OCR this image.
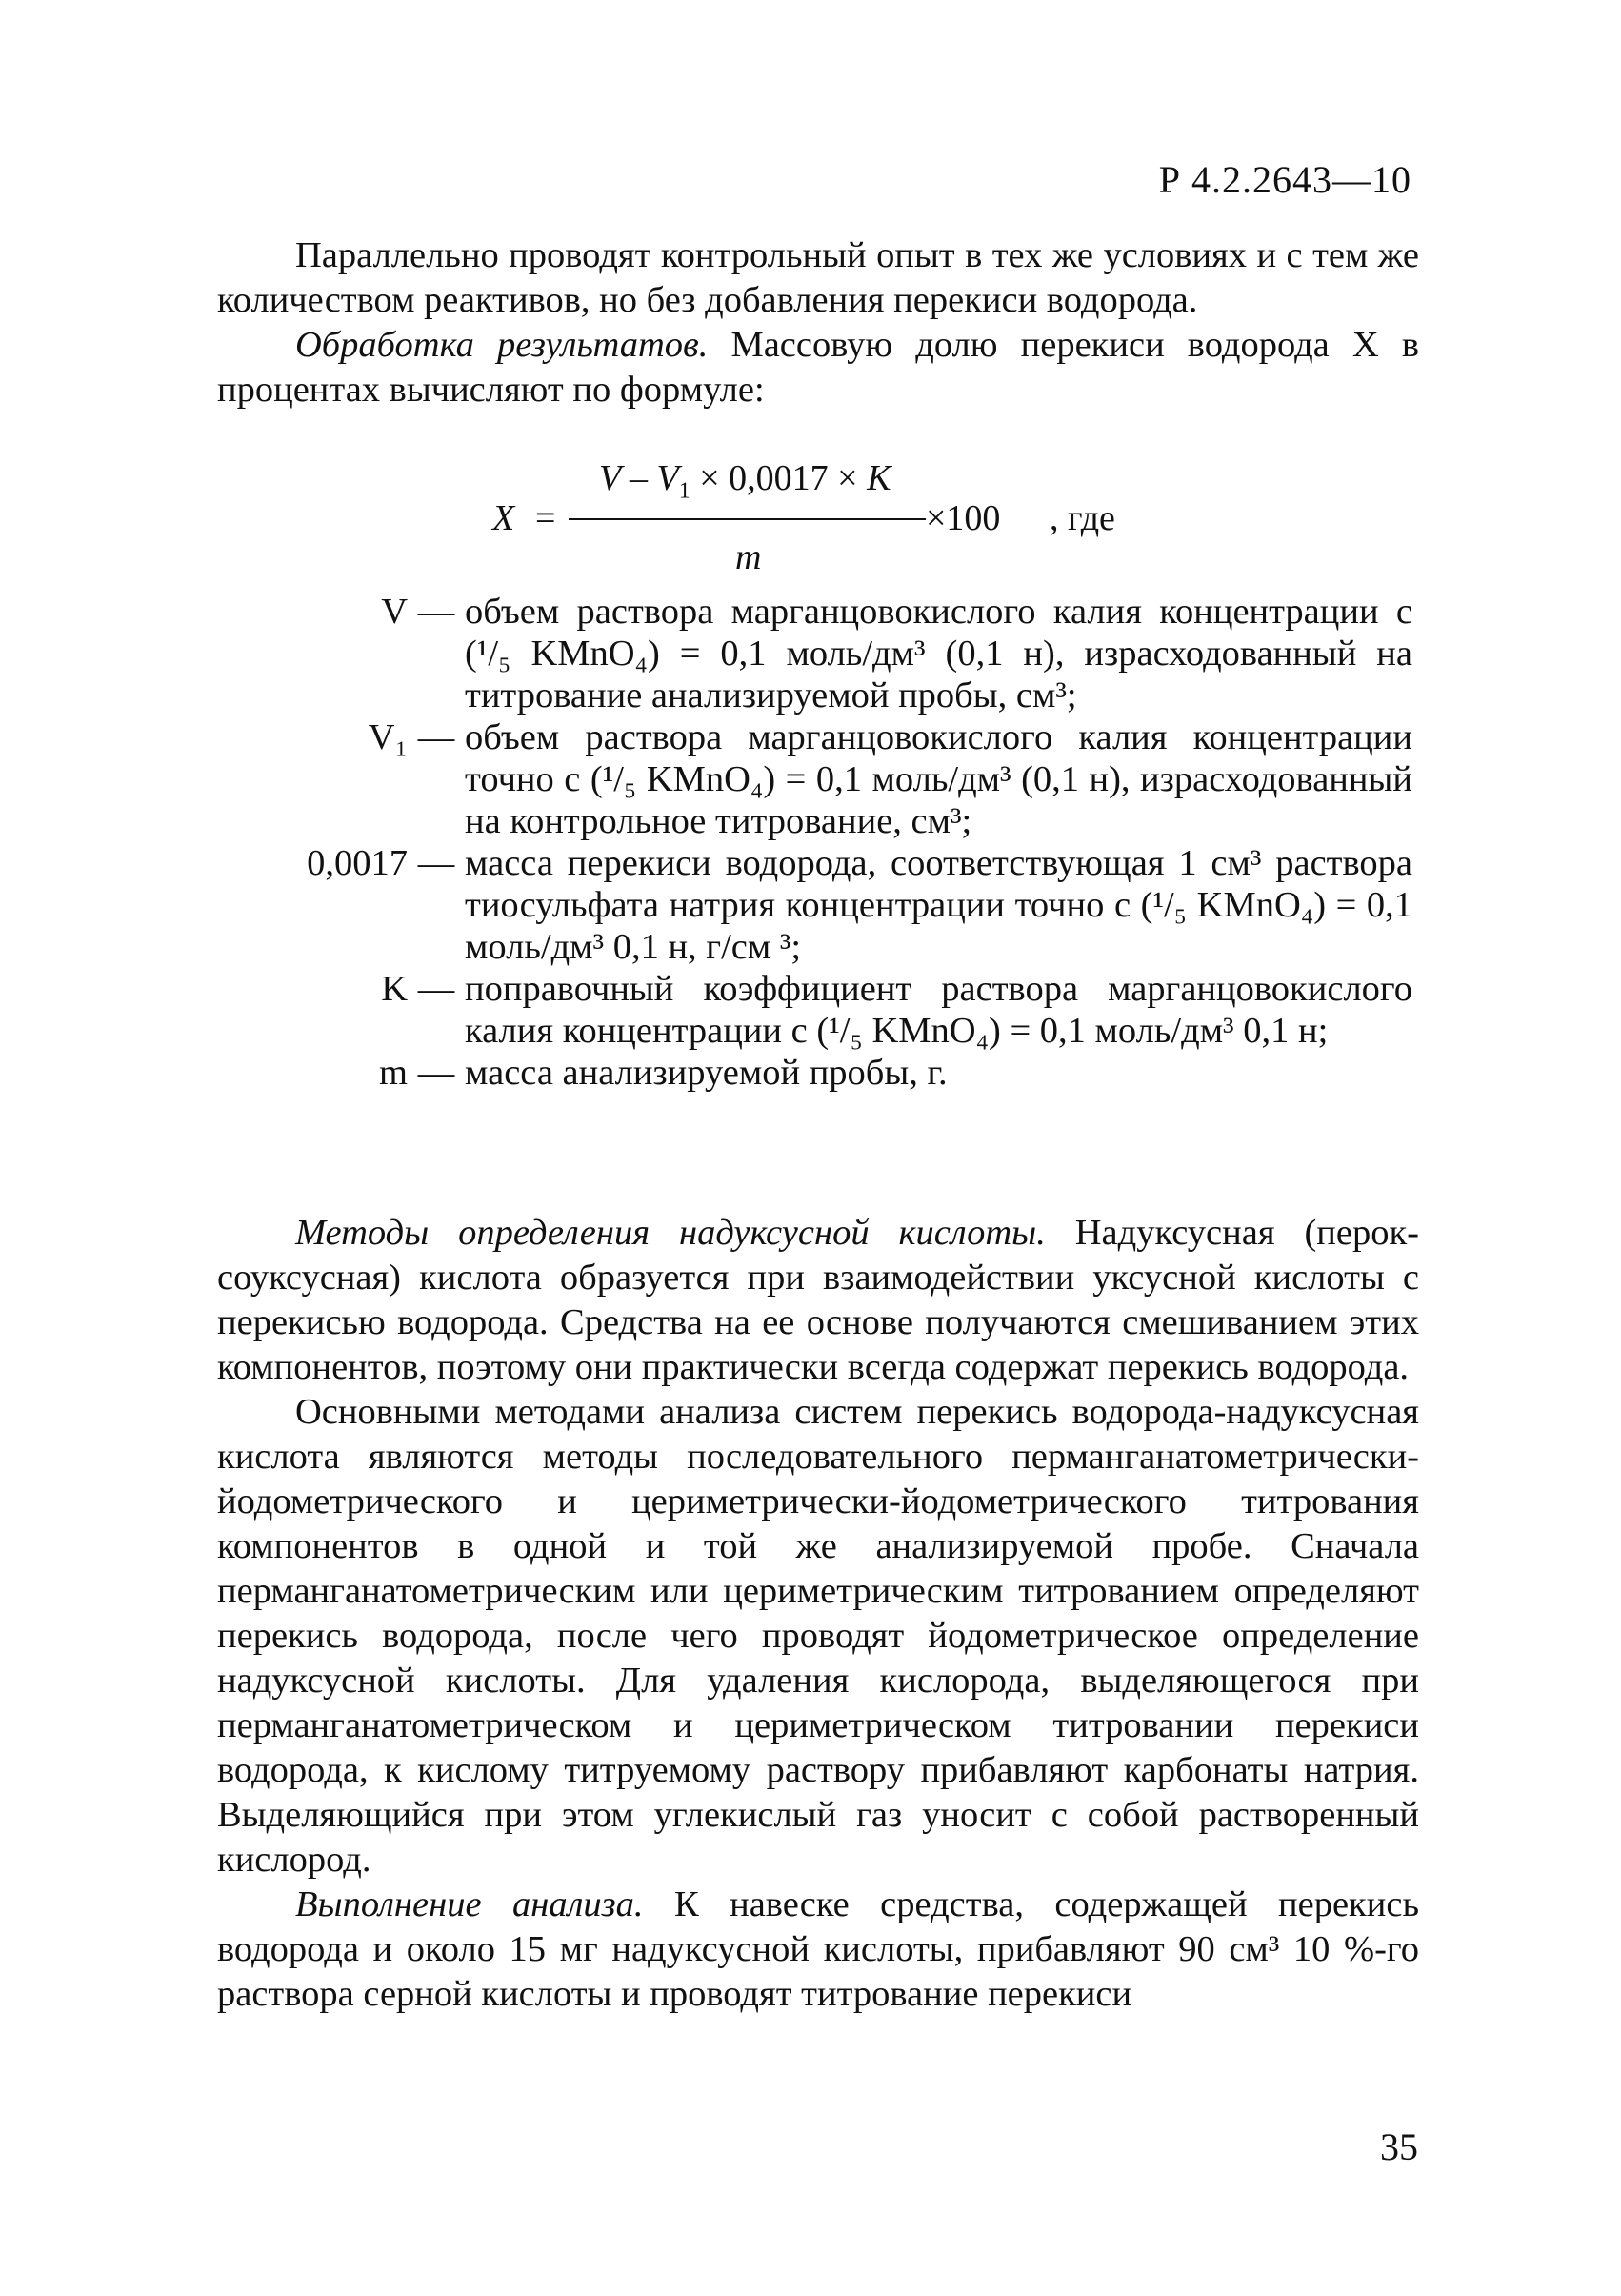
Р 4.2.2643—10
Параллельно проводят контрольный опыт в тех же условиях и с тем же количеством реактивов, но без добавления перекиси водорода.
Обработка результатов. Массовую долю перекиси водорода X в процентах вычисляют по формуле:
X =
$V - V_1 \times 0,0017 \times K$
×100
m
, где
V — объем раствора марганцовокислого калия концентрации с (¹/₅ KMnO₄) = 0,1 моль/дм³ (0,1 н), израсходованный на титрование анализируемой пробы, см³;
V₁ — объем раствора марганцовокислого калия концентрации точно с (¹/₅ KMnO₄) = 0,1 моль/дм³ (0,1 н), израсходованный на контрольное титрование, см³;
0,0017 — масса перекиси водорода, соответствующая 1 см³ раствора тиосульфата натрия концентрации точно с (¹/₅ KMnO₄) = 0,1 моль/дм³ 0,1 н, г/см ³;
K — поправочный коэффициент раствора марганцовокислого калия концентрации с (¹/₅ KMnO₄) = 0,1 моль/дм³ 0,1 н;
m — масса анализируемой пробы, г.
Методы определения надуксусной кислоты. Надуксусная (перок-соуксусная) кислота образуется при взаимодействии уксусной кислоты с перекисью водорода. Средства на ее основе получаются смешиванием этих компонентов, поэтому они практически всегда содержат перекись водорода.
Основными методами анализа систем перекись водорода-надуксусная кислота являются методы последовательного перманганатометрически-йодометрического и цериметрически-йодометрического титрования компонентов в одной и той же анализируемой пробе. Сначала перманганатометрическим или цериметрическим титрованием определяют перекись водорода, после чего проводят йодометрическое определение надуксусной кислоты. Для удаления кислорода, выделяющегося при перманганатометрическом и цериметрическом титровании перекиси водорода, к кислому титруемому раствору прибавляют карбонаты натрия. Выделяющийся при этом углекислый газ уносит с собой растворенный кислород.
Выполнение анализа. К навеске средства, содержащей перекись водорода и около 15 мг надуксусной кислоты, прибавляют 90 см³ 10 %-го раствора серной кислоты и проводят титрование перекиси
35
